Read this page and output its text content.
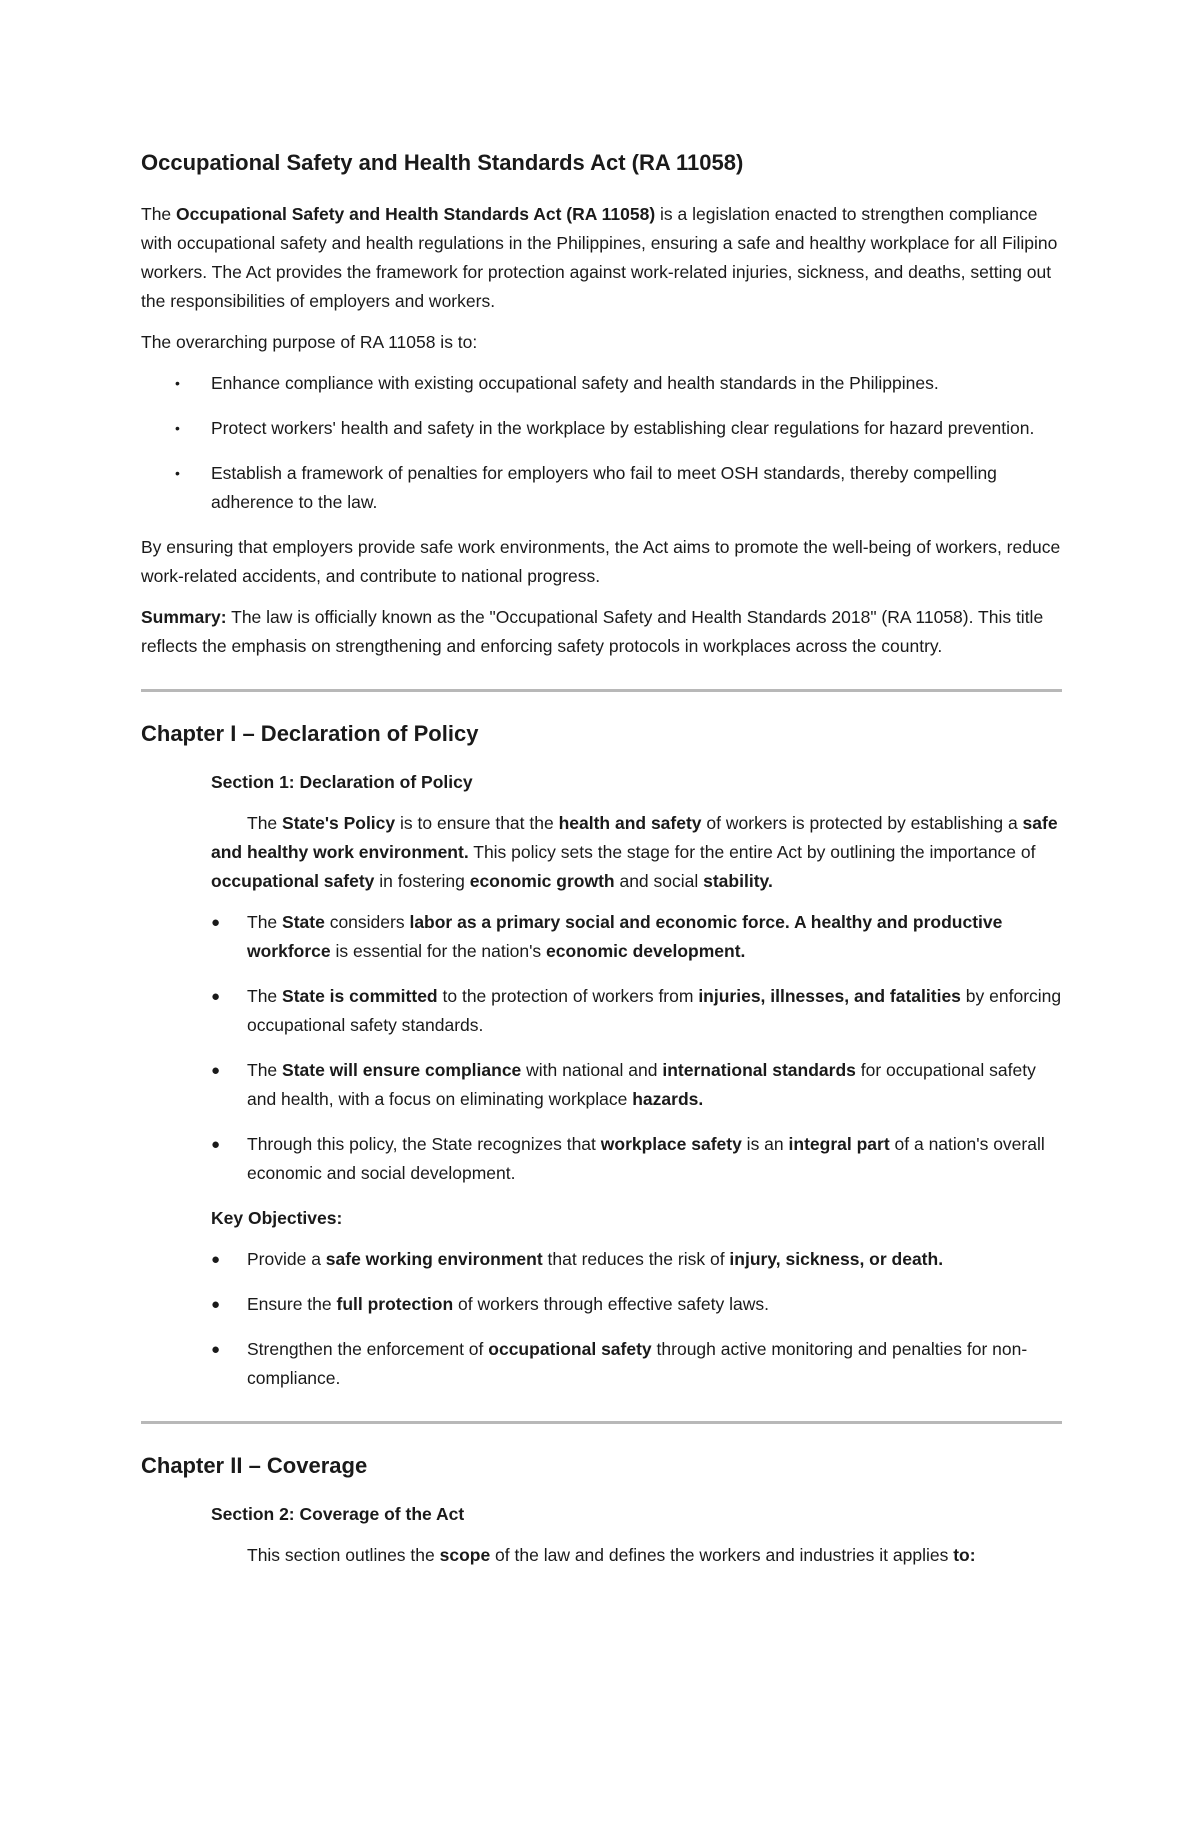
Occupational Safety and Health Standards Act (RA 11058)

The Occupational Safety and Health Standards Act (RA 11058) is a legislation enacted to strengthen compliance with occupational safety and health regulations in the Philippines, ensuring a safe and healthy workplace for all Filipino workers. The Act provides the framework for protection against work-related injuries, sickness, and deaths, setting out the responsibilities of employers and workers.

The overarching purpose of RA 11058 is to:

• Enhance compliance with existing occupational safety and health standards in the Philippines.
• Protect workers' health and safety in the workplace by establishing clear regulations for hazard prevention.
• Establish a framework of penalties for employers who fail to meet OSH standards, thereby compelling adherence to the law.

By ensuring that employers provide safe work environments, the Act aims to promote the well-being of workers, reduce work-related accidents, and contribute to national progress.

Summary: The law is officially known as the "Occupational Safety and Health Standards 2018" (RA 11058). This title reflects the emphasis on strengthening and enforcing safety protocols in workplaces across the country.

Chapter I – Declaration of Policy
Section 1: Declaration of Policy

The State's Policy is to ensure that the health and safety of workers is protected by establishing a safe and healthy work environment. This policy sets the stage for the entire Act by outlining the importance of occupational safety in fostering economic growth and social stability.

● The State considers labor as a primary social and economic force. A healthy and productive workforce is essential for the nation's economic development.
● The State is committed to the protection of workers from injuries, illnesses, and fatalities by enforcing occupational safety standards.
● The State will ensure compliance with national and international standards for occupational safety and health, with a focus on eliminating workplace hazards.
● Through this policy, the State recognizes that workplace safety is an integral part of a nation's overall economic and social development.

Key Objectives:

● Provide a safe working environment that reduces the risk of injury, sickness, or death.
● Ensure the full protection of workers through effective safety laws.
● Strengthen the enforcement of occupational safety through active monitoring and penalties for non-compliance.
Chapter II – Coverage
Section 2: Coverage of the Act

This section outlines the scope of the law and defines the workers and industries it applies to:
